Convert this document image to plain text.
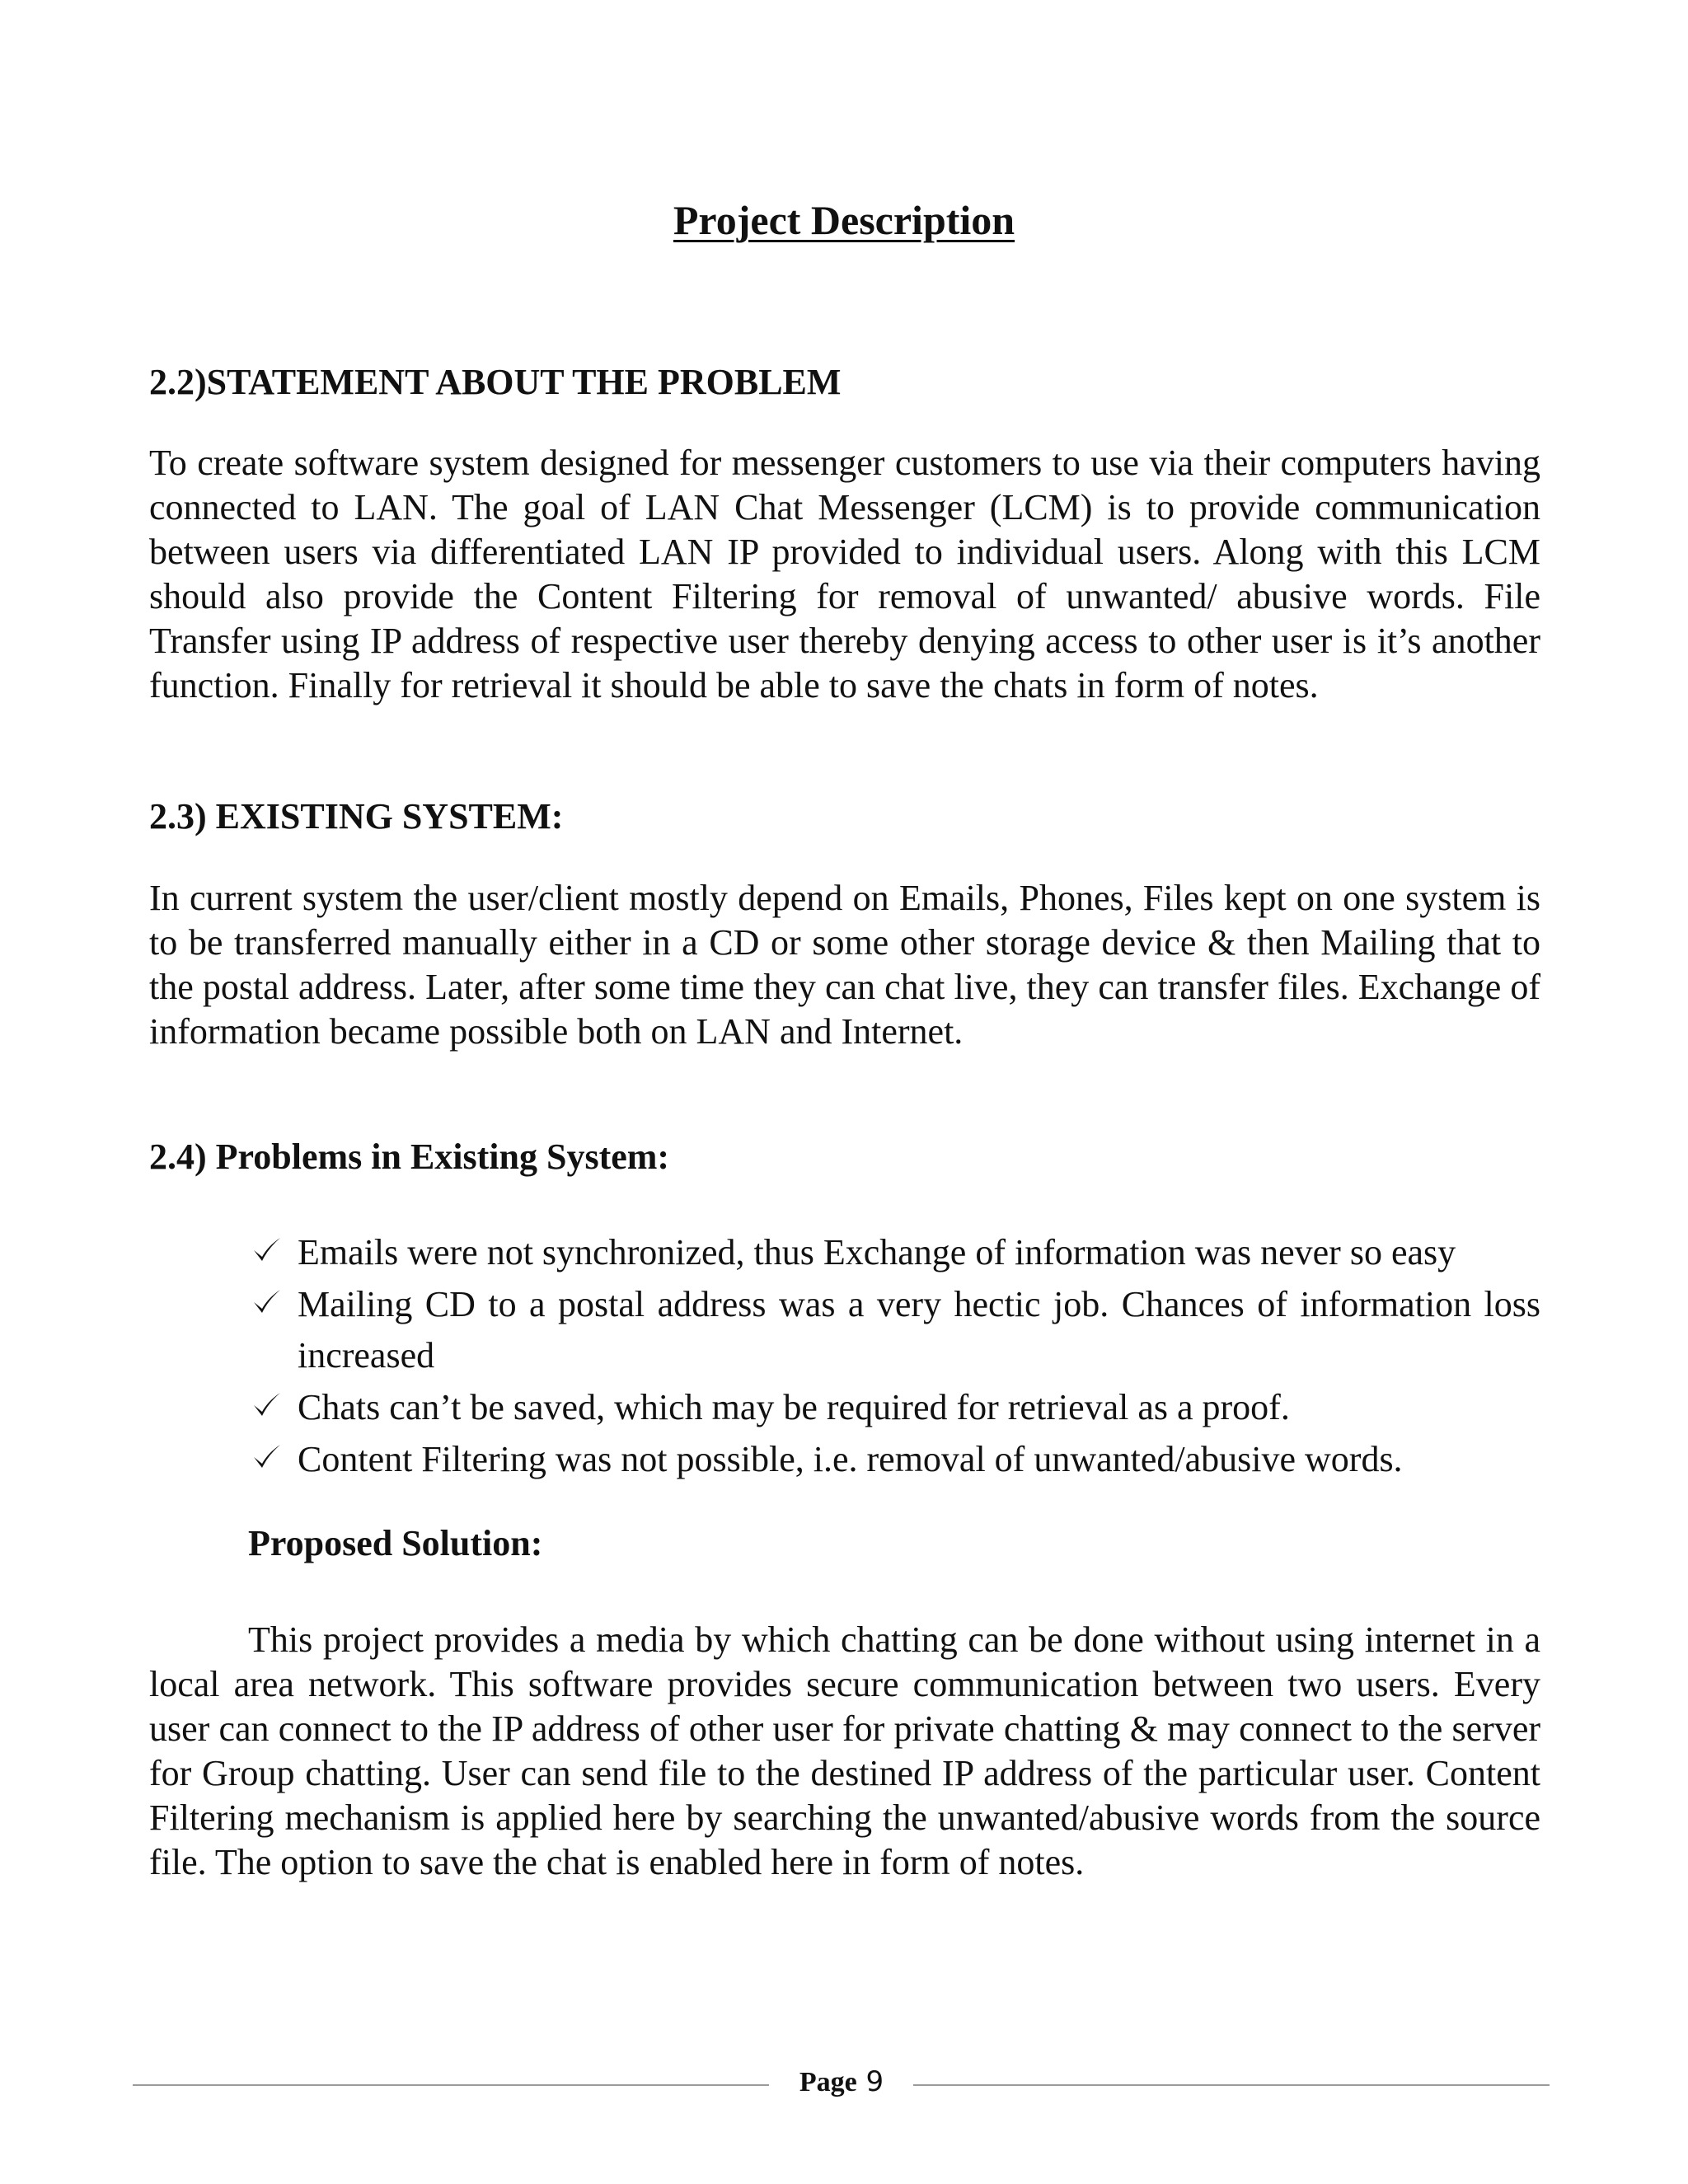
Project Description
2.2)STATEMENT ABOUT THE PROBLEM

To create software system designed for messenger customers to use via their computers having connected to LAN. The goal of LAN Chat Messenger (LCM) is to provide communication between users via differentiated LAN IP provided to individual users. Along with this LCM should also provide the Content Filtering for removal of unwanted/ abusive words. File Transfer using IP address of respective user thereby denying access to other user is it’s another function. Finally for retrieval it should be able to save the chats in form of notes.

2.3) EXISTING SYSTEM:

In current system the user/client mostly depend on Emails, Phones, Files kept on one system is to be transferred manually either in a CD or some other storage device & then Mailing that to the postal address. Later, after some time they can chat live, they can transfer files. Exchange of information became possible both on LAN and Internet.

2.4) Problems in Existing System:
Emails were not synchronized, thus Exchange of information was never so easy
Mailing CD to a postal address was a very hectic job. Chances of information loss increased
Chats can’t be saved, which may be required for retrieval as a proof.
Content Filtering was not possible, i.e. removal of unwanted/abusive words.
Proposed Solution:

This project provides a media by which chatting can be done without using internet in a local area network. This software provides secure communication between two users. Every user can connect to the IP address of other user for private chatting & may connect to the server for Group chatting. User can send file to the destined IP address of the particular user. Content Filtering mechanism is applied here by searching the unwanted/abusive words from the source file. The option to save the chat is enabled here in form of notes.

Page 9
